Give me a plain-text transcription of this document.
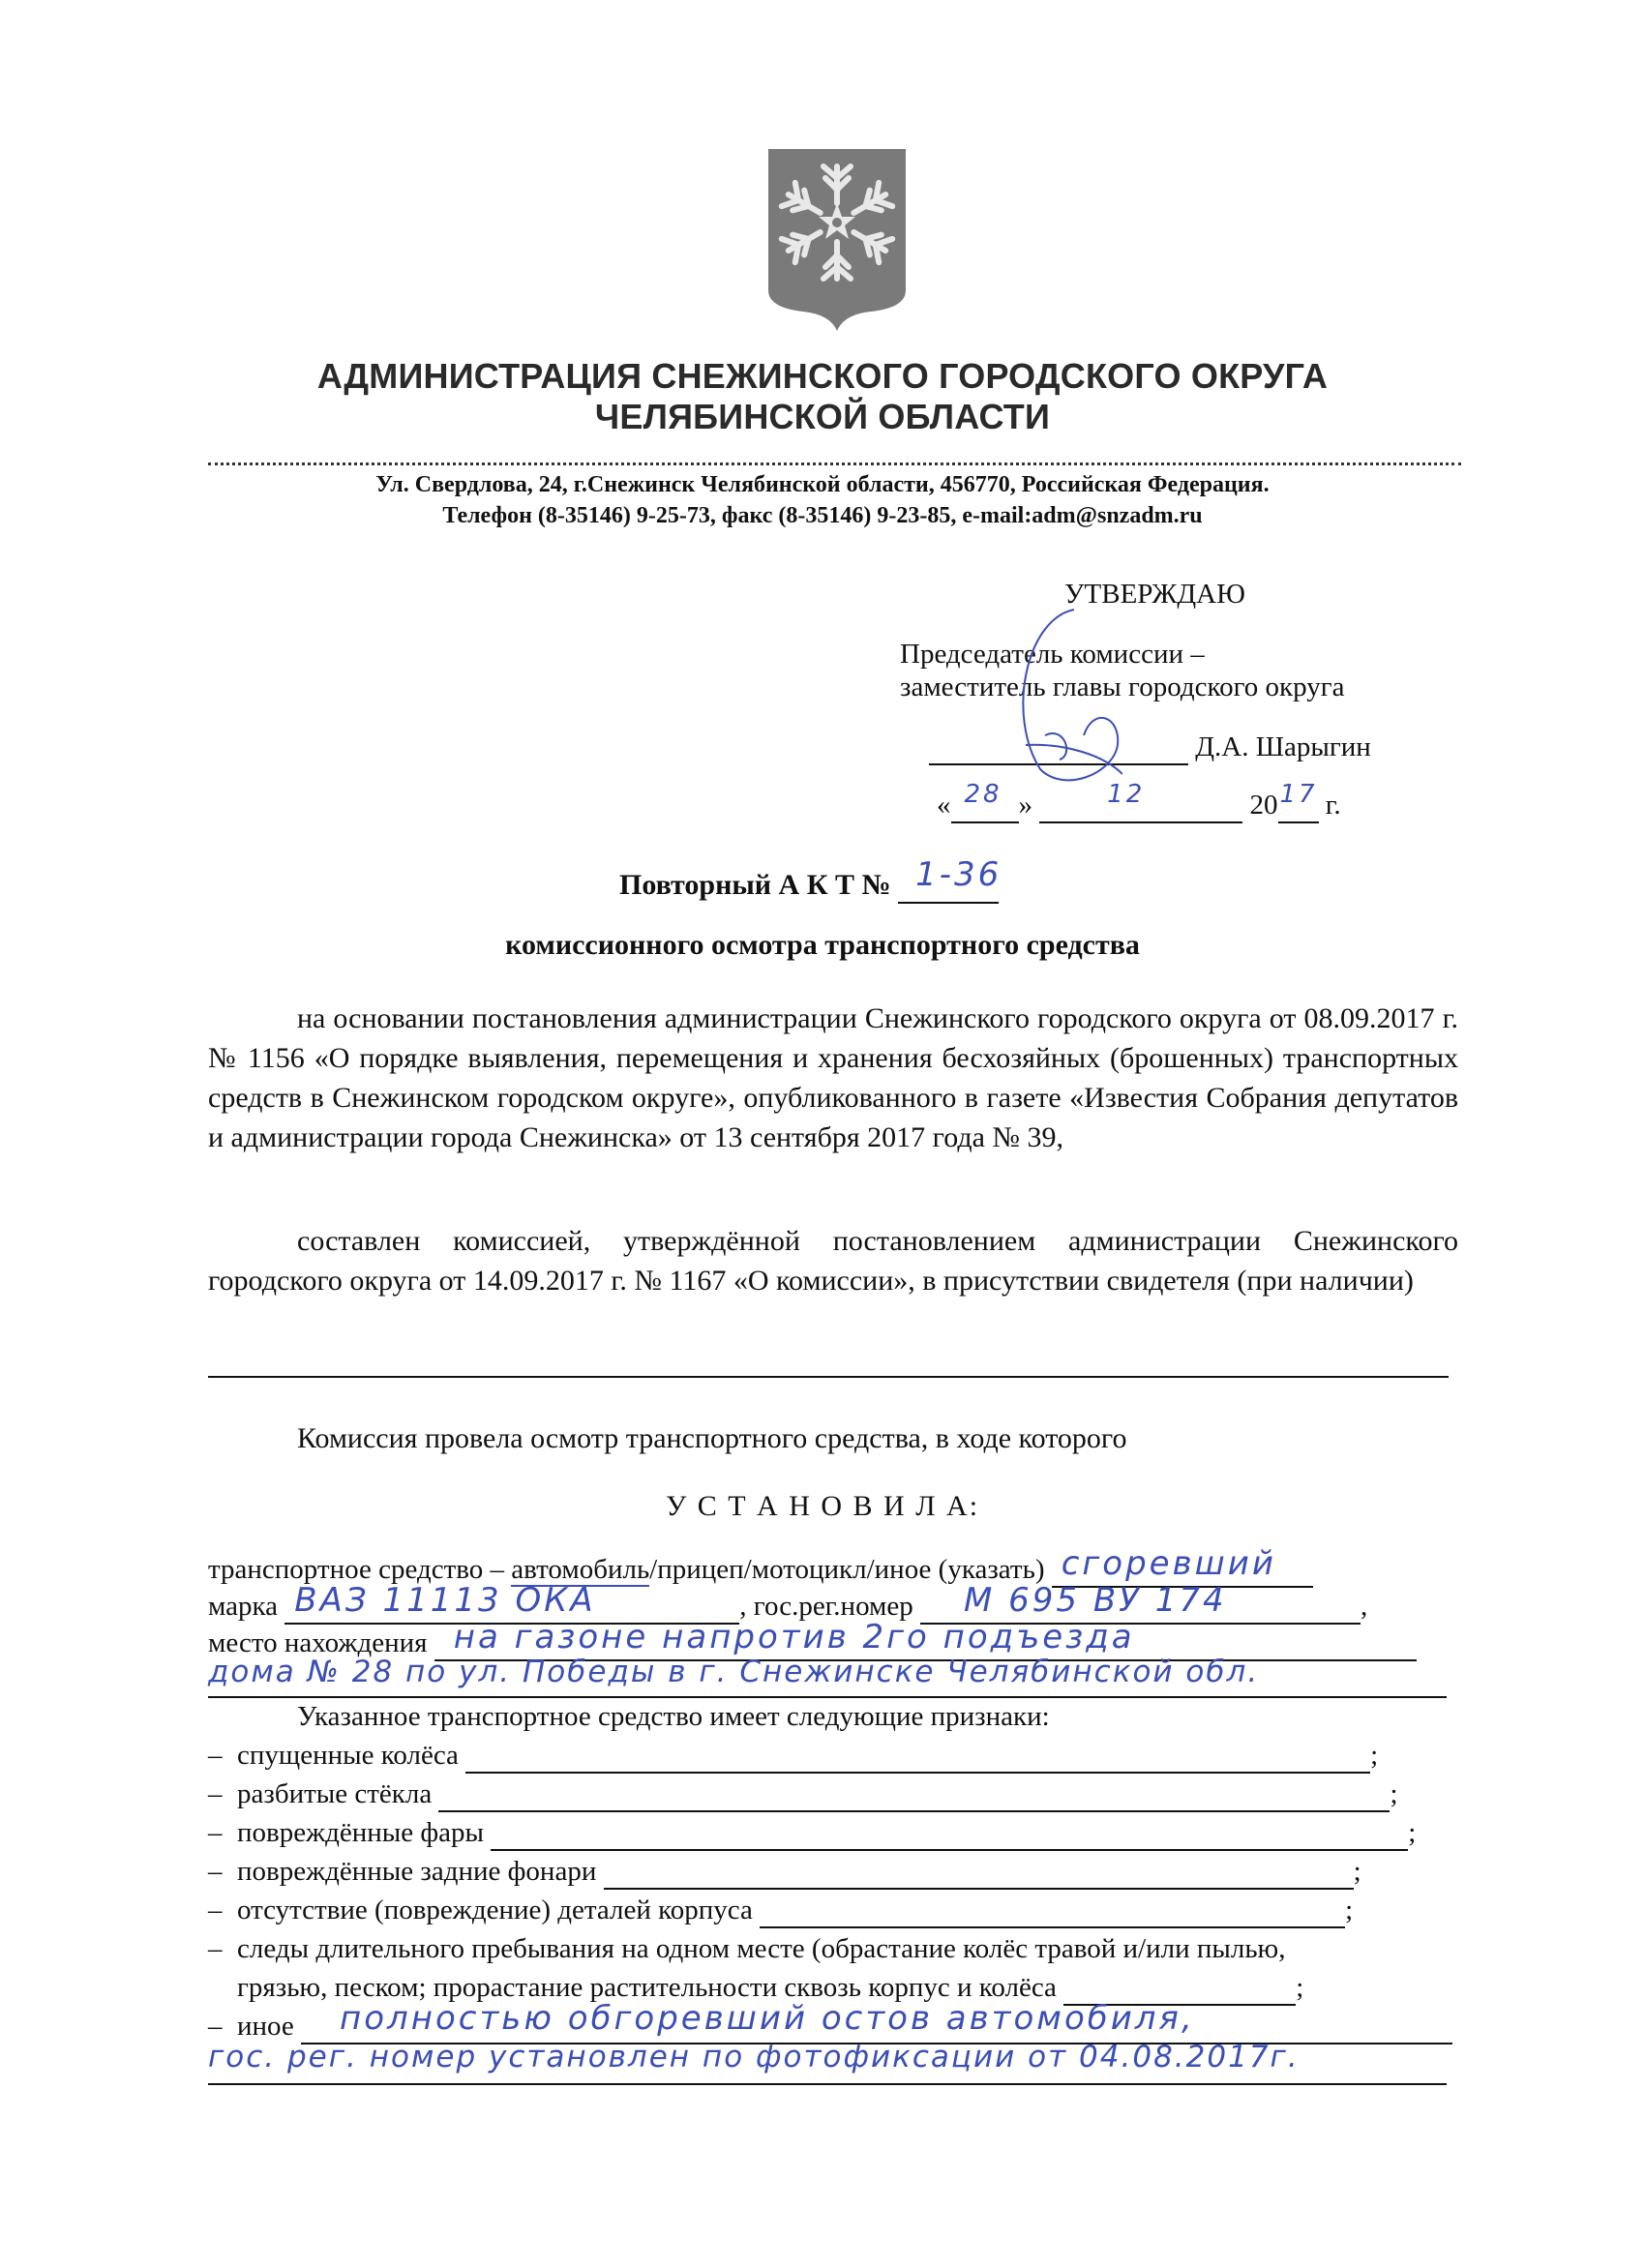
АДМИНИСТРАЦИЯ СНЕЖИНСКОГО ГОРОДСКОГО ОКРУГА
ЧЕЛЯБИНСКОЙ ОБЛАСТИ
Ул. Свердлова, 24, г.Снежинск Челябинской области, 456770, Российская Федерация.
Телефон (8-35146) 9-25-73, факс (8-35146) 9-23-85, e-mail:adm@snzadm.ru
УТВЕРЖДАЮ
Председатель комиссии –
заместитель главы городского округа
Д.А. Шарыгин
« 28 »	12	20 17 г.
Повторный А К Т № 1-36
комиссионного осмотра транспортного средства
на основании постановления администрации Снежинского городского округа от 08.09.2017 г. № 1156 «О порядке выявления, перемещения и хранения бесхозяйных (брошенных) транспортных средств в Снежинском городском округе», опубликованного в газете «Известия Собрания депутатов и администрации города Снежинска» от 13 сентября 2017 года № 39,
составлен комиссией, утверждённой постановлением администрации Снежинского городского округа от 14.09.2017 г. № 1167 «О комиссии», в присутствии свидетеля (при наличии)
Комиссия провела осмотр транспортного средства, в ходе которого
У С Т А Н О В И Л А:
транспортное средство – автомобиль/прицеп/мотоцикл/иное (указать) сгоревший
марка ВАЗ 11113 ОКА	, гос.рег.номер М 695 ВУ 174	,
место нахождения на газоне напротив 2го подъезда

дома № 28 по ул. Победы в г. Снежинске Челябинской обл.
Указанное транспортное средство имеет следующие признаки:
– спущенные колёса	;
– разбитые стёкла	;
– повреждённые фары	;
– повреждённые задние фонари	;
– отсутствие (повреждение) деталей корпуса	;
– следы длительного пребывания на одном месте (обрастание колёс травой и/или пылью,
грязью, песком; прорастание растительности сквозь корпус и колёса	;
– иное полностью обгоревший остов автомобиля,

гос. рег. номер установлен по фотофиксации от 04.08.2017г.
